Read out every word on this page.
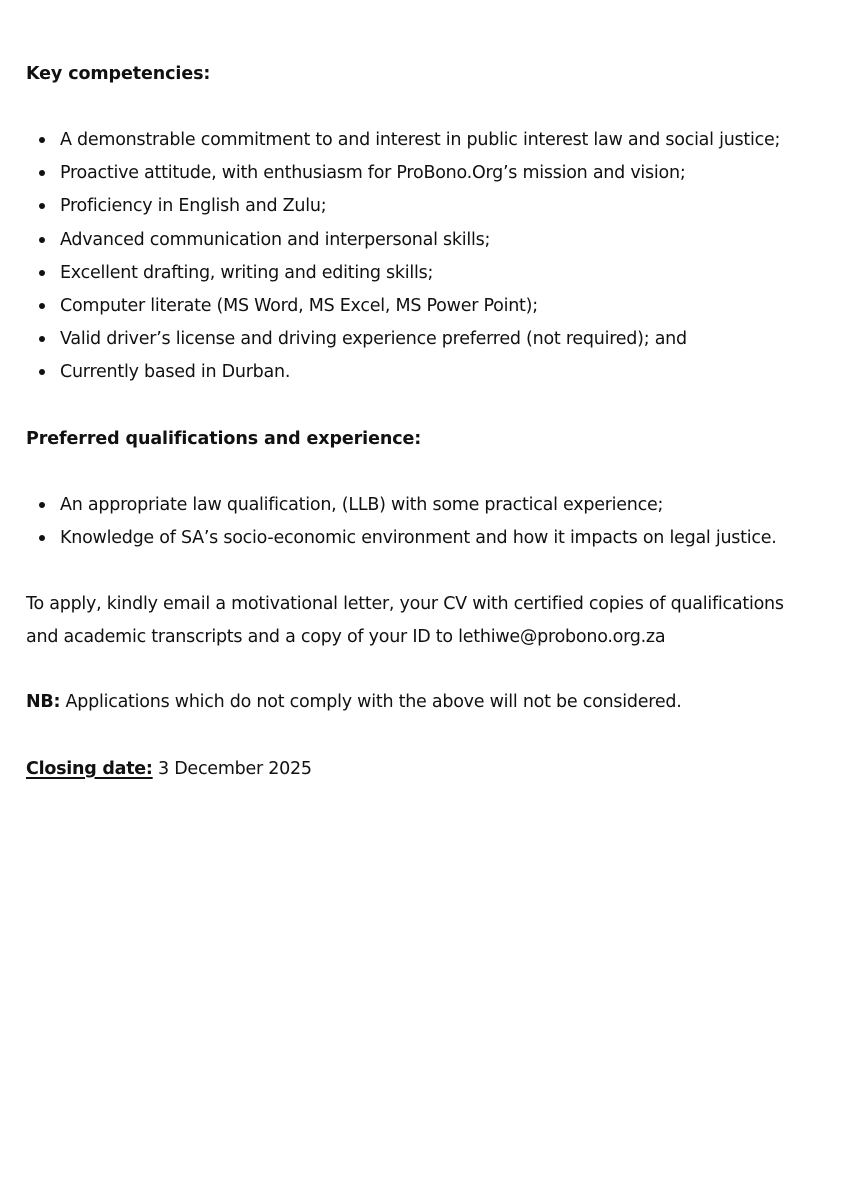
Key competencies:
A demonstrable commitment to and interest in public interest law and social justice;
Proactive attitude, with enthusiasm for ProBono.Org’s mission and vision;
Proficiency in English and Zulu;
Advanced communication and interpersonal skills;
Excellent drafting, writing and editing skills;
Computer literate (MS Word, MS Excel, MS Power Point);
Valid driver’s license and driving experience preferred (not required); and
Currently based in Durban.
Preferred qualifications and experience:
An appropriate law qualification, (LLB) with some practical experience;
Knowledge of SA’s socio-economic environment and how it impacts on legal justice.

To apply, kindly email a motivational letter, your CV with certified copies of qualifications
and academic transcripts and a copy of your ID to lethiwe@probono.org.za

NB: Applications which do not comply with the above will not be considered.

Closing date: 3 December 2025
